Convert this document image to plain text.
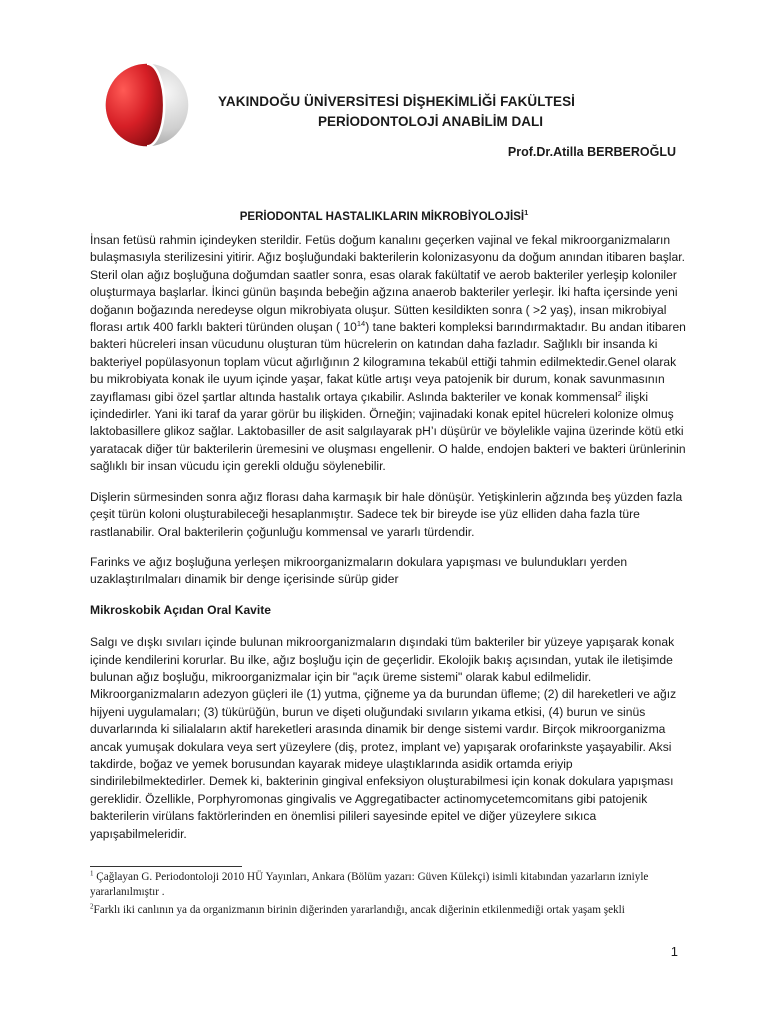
YAKINDOĞU ÜNİVERSİTESİ DİŞHEKİMLİĞİ FAKÜLTESİ
PERİODONTOLOJİ ANABİLİM DALI
Prof.Dr.Atilla BERBEROĞLU
PERİODONTAL HASTALIKLARIN MİKROBİYOLOJİSİ$^1$

İnsan fetüsü rahmin içindeyken sterildir. Fetüs doğum kanalını geçerken vajinal ve fekal mikroorganizmaların bulaşmasıyla sterilizesini yitirir. Ağız boşluğundaki bakterilerin kolonizasyonu da doğum anından itibaren başlar. Steril olan ağız boşluğuna doğumdan saatler sonra, esas olarak fakültatif ve aerob bakteriler yerleşip koloniler oluşturmaya başlarlar. İkinci günün başında bebeğin ağzına anaerob bakteriler yerleşir. İki hafta içersinde yeni doğanın boğazında neredeyse olgun mikrobiyata oluşur. Sütten kesildikten sonra ( >2 yaş), insan mikrobiyal florası artık 400 farklı bakteri türünden oluşan ( $10^{14}$) tane bakteri kompleksi barındırmaktadır. Bu andan itibaren bakteri hücreleri insan vücudunu oluşturan tüm hücrelerin on katından daha fazladır. Sağlıklı bir insanda ki bakteriyel popülasyonun toplam vücut ağırlığının 2 kilogramına tekabül ettiği tahmin edilmektedir.Genel olarak bu mikrobiyata konak ile uyum içinde yaşar, fakat kütle artışı veya patojenik bir durum, konak savunmasının zayıflaması gibi özel şartlar altında hastalık ortaya çıkabilir. Aslında bakteriler ve konak kommensal$^2$ ilişki içindedirler. Yani iki taraf da yarar görür bu ilişkiden. Örneğin; vajinadaki konak epitel hücreleri kolonize olmuş laktobasillere glikoz sağlar. Laktobasiller de asit salgılayarak pH’ı düşürür ve böylelikle vajina üzerinde kötü etki yaratacak diğer tür bakterilerin üremesini ve oluşması engellenir. O halde, endojen bakteri ve bakteri ürünlerinin sağlıklı bir insan vücudu için gerekli olduğu söylenebilir.

Dişlerin sürmesinden sonra ağız florası daha karmaşık bir hale dönüşür. Yetişkinlerin ağzında beş yüzden fazla çeşit türün koloni oluşturabileceği hesaplanmıştır. Sadece tek bir bireyde ise yüz elliden daha fazla türe rastlanabilir. Oral bakterilerin çoğunluğu kommensal ve yararlı türdendir.

Farinks ve ağız boşluğuna yerleşen mikroorganizmaların dokulara yapışması ve bulundukları yerden uzaklaştırılmaları dinamik bir denge içerisinde sürüp gider

Mikroskobik Açıdan Oral Kavite

Salgı ve dışkı sıvıları içinde bulunan mikroorganizmaların dışındaki tüm bakteriler bir yüzeye yapışarak konak içinde kendilerini korurlar. Bu ilke, ağız boşluğu için de geçerlidir. Ekolojik bakış açısından, yutak ile iletişimde bulunan ağız boşluğu, mikroorganizmalar için bir "açık üreme sistemi" olarak kabul edilmelidir. Mikroorganizmaların adezyon güçleri ile (1) yutma, çiğneme ya da burundan üfleme; (2) dil hareketleri ve ağız hijyeni uygulamaları; (3) tükürüğün, burun ve dişeti oluğundaki sıvıların yıkama etkisi, (4) burun ve sinüs duvarlarında ki silialaların aktif hareketleri arasında dinamik bir denge sistemi vardır. Birçok mikroorganizma ancak yumuşak dokulara veya sert yüzeylere (diş, protez, implant ve) yapışarak orofarinkste yaşayabilir. Aksi takdirde, boğaz ve yemek borusundan kayarak mideye ulaştıklarında asidik ortamda eriyip sindirilebilmektedirler. Demek ki, bakterinin gingival enfeksiyon oluşturabilmesi için konak dokulara yapışması gereklidir. Özellikle, Porphyromonas gingivalis ve Aggregatibacter actinomycetemcomitans gibi patojenik bakterilerin virülans faktörlerinden en önemlisi pilileri sayesinde epitel ve diğer yüzeylere sıkıca yapışabilmeleridir.

$^1$ Çağlayan G. Periodontoloji 2010 HÜ Yayınları, Ankara (Bölüm yazarı: Güven Külekçi) isimli kitabından yazarların izniyle yararlanılmıştır .
$^2$Farklı iki canlının ya da organizmanın birinin diğerinden yararlandığı, ancak diğerinin etkilenmediği ortak yaşam şekli
1
